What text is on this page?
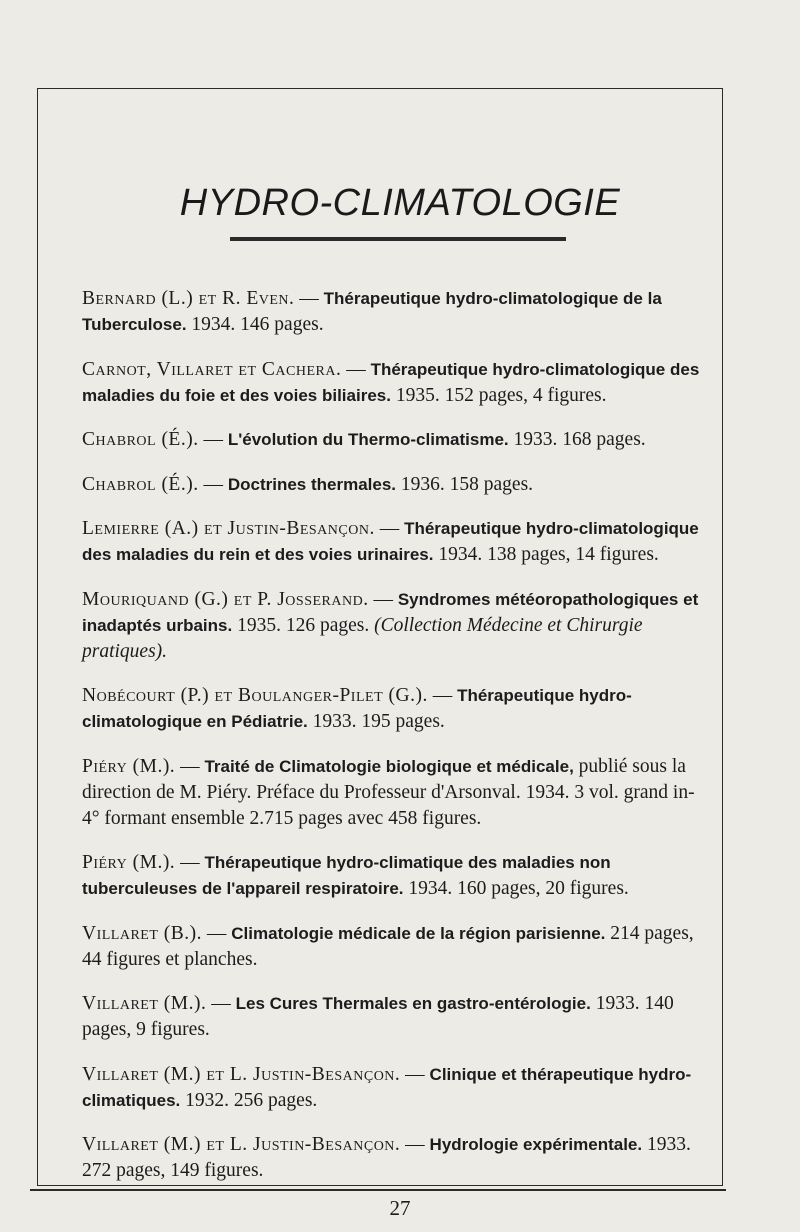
HYDRO-CLIMATOLOGIE

Bernard (L.) et R. Even. — Thérapeutique hydro-climatologique de la Tuberculose. 1934. 146 pages.

Carnot, Villaret et Cachera. — Thérapeutique hydro-climatologique des maladies du foie et des voies biliaires. 1935. 152 pages, 4 figures.

Chabrol (É.). — L'évolution du Thermo-climatisme. 1933. 168 pages.

Chabrol (É.). — Doctrines thermales. 1936. 158 pages.

Lemierre (A.) et Justin-Besançon. — Thérapeutique hydro-climatologique des maladies du rein et des voies urinaires. 1934. 138 pages, 14 figures.

Mouriquand (G.) et P. Josserand. — Syndromes météoropathologiques et inadaptés urbains. 1935. 126 pages. (Collection Médecine et Chirurgie pratiques).

Nobécourt (P.) et Boulanger-Pilet (G.). — Thérapeutique hydro-climatologique en Pédiatrie. 1933. 195 pages.

Piéry (M.). — Traité de Climatologie biologique et médicale, publié sous la direction de M. Piéry. Préface du Professeur d'Arsonval. 1934. 3 vol. grand in-4° formant ensemble 2.715 pages avec 458 figures.

Piéry (M.). — Thérapeutique hydro-climatique des maladies non tuberculeuses de l'appareil respiratoire. 1934. 160 pages, 20 figures.

Villaret (B.). — Climatologie médicale de la région parisienne. 214 pages, 44 figures et planches.

Villaret (M.). — Les Cures Thermales en gastro-entérologie. 1933. 140 pages, 9 figures.

Villaret (M.) et L. Justin-Besançon. — Clinique et thérapeutique hydro-climatiques. 1932. 256 pages.

Villaret (M.) et L. Justin-Besançon. — Hydrologie expérimentale. 1933. 272 pages, 149 figures.

27
